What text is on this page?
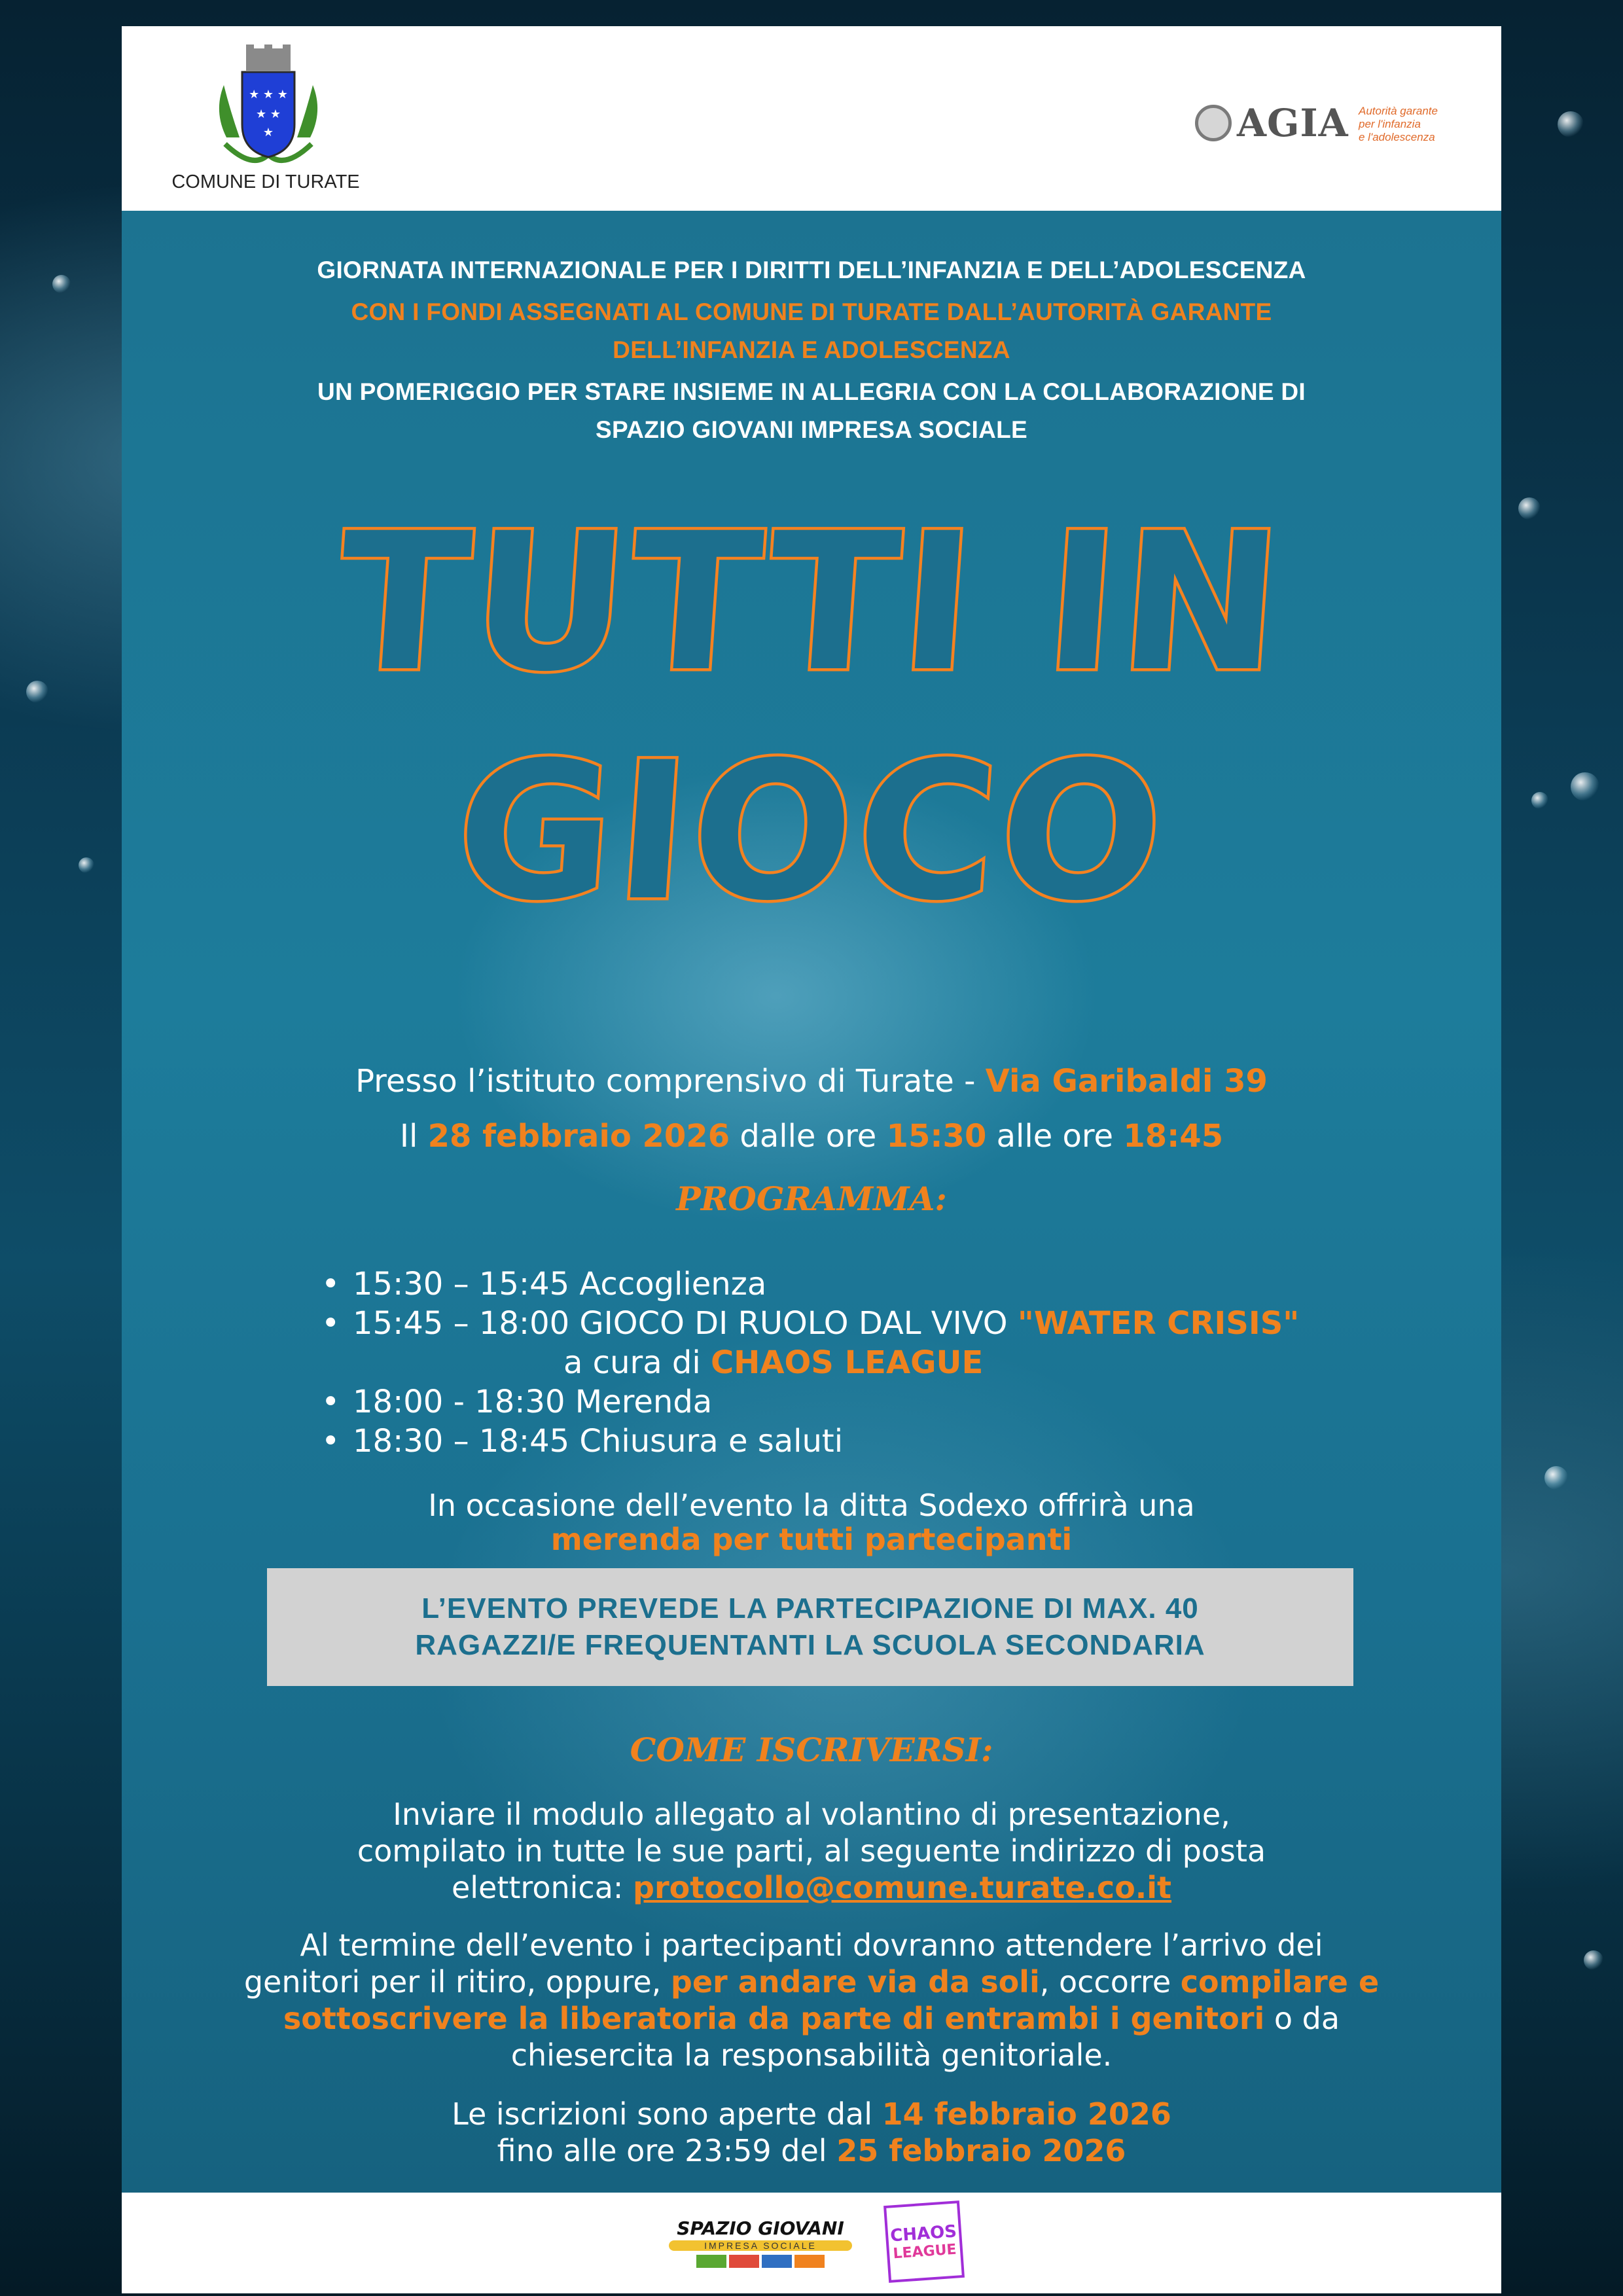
★ ★ ★
★ ★
★
COMUNE DI TURATE
AGIA Autorità garante
per l'infanzia
e l'adolescenza
GIORNATA INTERNAZIONALE PER I DIRITTI DELL’INFANZIA E DELL’ADOLESCENZA
CON I FONDI ASSEGNATI AL COMUNE DI TURATE DALL’AUTORITÀ GARANTE
DELL’INFANZIA E ADOLESCENZA
UN POMERIGGIO PER STARE INSIEME IN ALLEGRIA CON LA COLLABORAZIONE DI
SPAZIO GIOVANI IMPRESA SOCIALE
TUTTI IN
GIOCO
Presso l’istituto comprensivo di Turate - Via Garibaldi 39
Il 28 febbraio 2026 dalle ore 15:30 alle ore 18:45
PROGRAMMA:
• 15:30 – 15:45 Accoglienza
• 15:45 – 18:00 GIOCO DI RUOLO DAL VIVO "WATER CRISIS"
a cura di CHAOS LEAGUE
• 18:00 - 18:30 Merenda
• 18:30 – 18:45 Chiusura e saluti
In occasione dell’evento la ditta Sodexo offrirà una
merenda per tutti partecipanti
L’EVENTO PREVEDE LA PARTECIPAZIONE DI MAX. 40
RAGAZZI/E FREQUENTANTI LA SCUOLA SECONDARIA
COME ISCRIVERSI:
Inviare il modulo allegato al volantino di presentazione,
compilato in tutte le sue parti, al seguente indirizzo di posta
elettronica: protocollo@comune.turate.co.it
Al termine dell’evento i partecipanti dovranno attendere l’arrivo dei
genitori per il ritiro, oppure, per andare via da soli, occorre compilare e
sottoscrivere la liberatoria da parte di entrambi i genitori o da
chiesercita la responsabilità genitoriale.
Le iscrizioni sono aperte dal 14 febbraio 2026
fino alle ore 23:59 del 25 febbraio 2026
SPAZIO GIOVANI
IMPRESA SOCIALE	CHAOS
LEAGUE
